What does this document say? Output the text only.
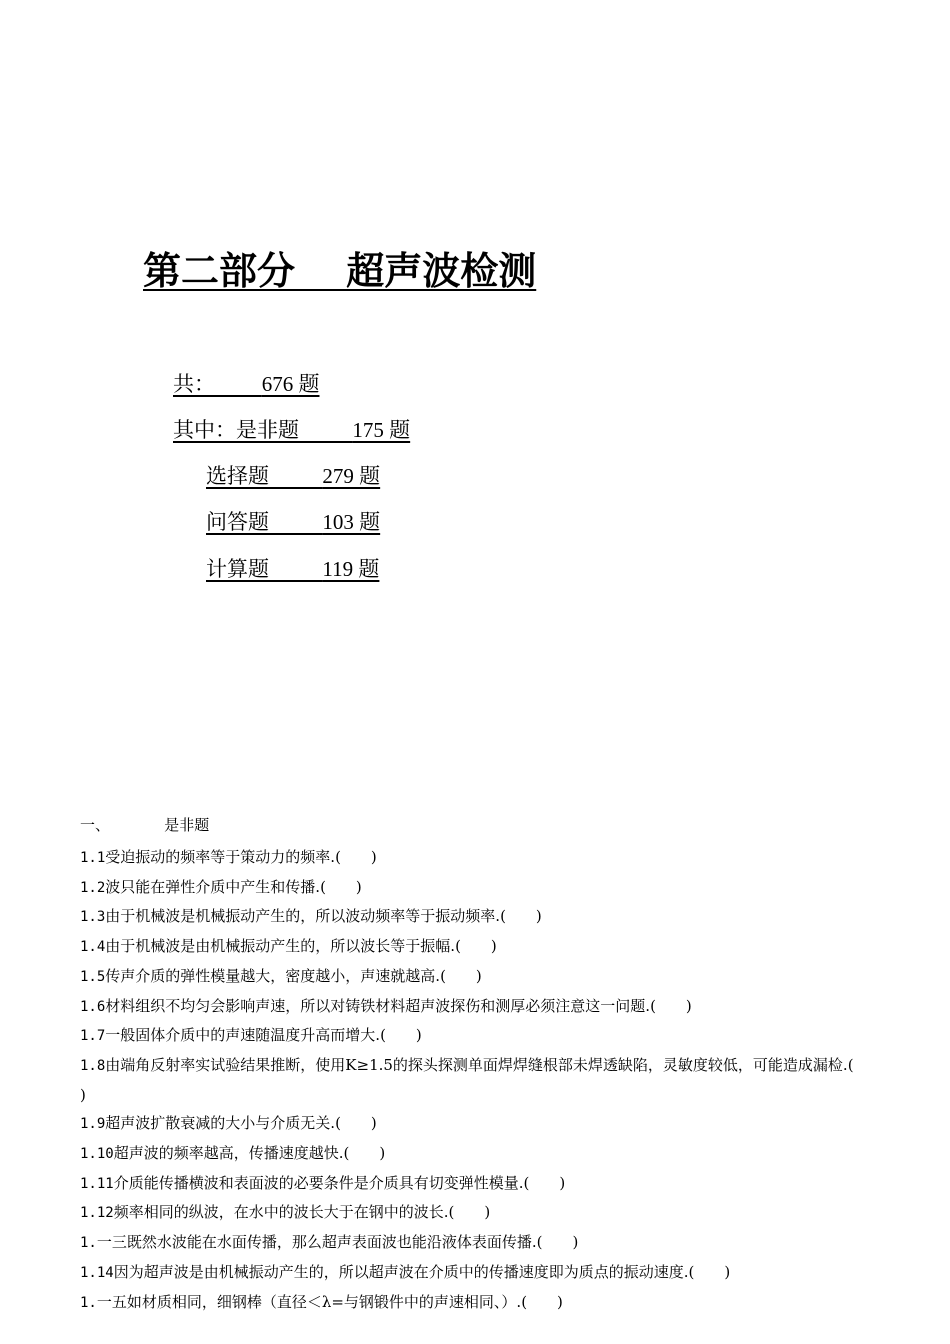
第二部分　 超声波检测
共： 676 题
其中：是非题	175 题
选择题	279 题
问答题	103 题
计算题	119 题
一、	是非题
1.1受迫振动的频率等于策动力的频率.(　　)
1.2波只能在弹性介质中产生和传播.(　　)
1.3由于机械波是机械振动产生的，所以波动频率等于振动频率.(　　)
1.4由于机械波是由机械振动产生的，所以波长等于振幅.(　　)
1.5传声介质的弹性模量越大，密度越小，声速就越高.(　　)
1.6材料组织不均匀会影响声速，所以对铸铁材料超声波探伤和测厚必须注意这一问题.(　　)
1.7一般固体介质中的声速随温度升高而增大.(　　)
1.8由端角反射率实试验结果推断，使用K≥1.5的探头探测单面焊焊缝根部未焊透缺陷，灵敏度较低，可能造成漏检.(　　)
1.9超声波扩散衰减的大小与介质无关.(　　)
1.10超声波的频率越高，传播速度越快.(　　)
1.11介质能传播横波和表面波的必要条件是介质具有切变弹性模量.(　　)
1.12频率相同的纵波，在水中的波长大于在钢中的波长.(　　)
1.一三既然水波能在水面传播，那么超声表面波也能沿液体表面传播.(　　)
1.14因为超声波是由机械振动产生的，所以超声波在介质中的传播速度即为质点的振动速度.(　　)
1.一五如材质相同，细钢棒（直径＜λ=与钢锻件中的声速相同、）.(　　)
